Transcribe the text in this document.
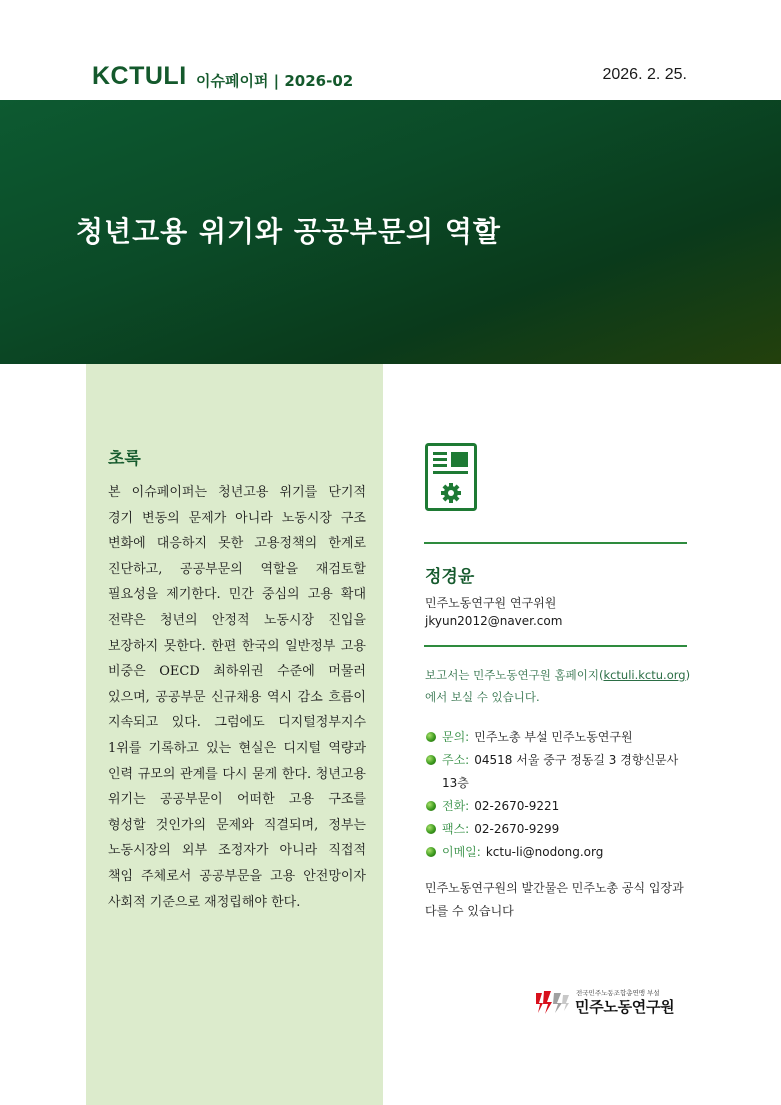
KCTULI 이슈페이퍼 | 2026-02	2026. 2. 25.
청년고용 위기와 공공부문의 역할
초록

본 이슈페이퍼는 청년고용 위기를 단기적 경기 변동의 문제가 아니라 노동시장 구조 변화에 대응하지 못한 고용정책의 한계로 진단하고, 공공부문의 역할을 재검토할 필요성을 제기한다. 민간 중심의 고용 확대 전략은 청년의 안정적 노동시장 진입을 보장하지 못한다. 한편 한국의 일반정부 고용 비중은 OECD 최하위권 수준에 머물러 있으며, 공공부문 신규채용 역시 감소 흐름이 지속되고 있다. 그럼에도 디지털정부지수 1위를 기록하고 있는 현실은 디지털 역량과 인력 규모의 관계를 다시 묻게 한다. 청년고용 위기는 공공부문이 어떠한 고용 구조를 형성할 것인가의 문제와 직결되며, 정부는 노동시장의 외부 조정자가 아니라 직접적 책임 주체로서 공공부문을 고용 안전망이자 사회적 기준으로 재정립해야 한다.

정경윤
민주노동연구원 연구위원
jkyun2012@naver.com

보고서는 민주노동연구원 홈페이지(kctuli.kctu.org)에서 보실 수 있습니다.

문의: 민주노총 부설 민주노동연구원
주소: 04518 서울 중구 정동길 3 경향신문사 13층
전화: 02-2670-9221
팩스: 02-2670-9299
이메일: kctu-li@nodong.org

민주노동연구원의 발간물은 민주노총 공식 입장과 다를 수 있습니다

전국민주노동조합총연맹 부설
민주노동연구원
